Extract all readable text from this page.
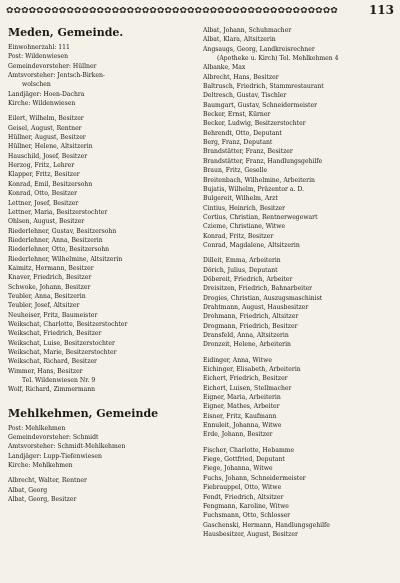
✿✿✿✿✿✿✿✿✿✿✿✿✿✿✿✿✿✿✿✿✿✿✿✿✿✿✿✿✿✿✿✿✿✿✿✿✿✿✿✿✿✿✿✿	113
Meden, Gemeinde.
Einwohnerzahl: 111
Post: Wildenwiesen
Gemeindevorsteher: Hüllner
Amtsvorsteher: Jentsch-Birken-
wolschen
Landjäger: Hoen-Dachra
Kirche: Wildenwiesen
Eilert, Wilhelm, Besitzer
Geisel, August, Rentner
Hüllner, August, Besitzer
Hüllner, Helene, Altsitzerin
Hauschild, Josef, Besitzer
Herzog, Fritz, Lehrer
Klapper, Fritz, Besitzer
Konrad, Emil, Besitzersohn
Konrad, Otto, Besitzer
Lettner, Josef, Besitzer
Lettner, Maria, Besitzerstochter
Ohlsen, August, Besitzer
Riederlehner, Gustav, Besitzersohn
Riederlehner, Anna, Besitzerin
Riederlehner, Otto, Besitzersohn
Riederlehner, Wilhelmine, Altsitzerin
Kaimitz, Hermann, Besitzer
Knaver, Friedrich, Besitzer
Schwoke, Johann, Besitzer
Teubler, Anna, Besitzerin
Teubler, Josef, Altsitzer
Neuheiser, Fritz, Baumeister
Weikschat, Charlotte, Besitzerstochter
Weikschat, Friedrich, Besitzer
Weikschat, Luise, Besitzerstochter
Weikschat, Marie, Besitzerstochter
Weikschat, Richard, Besitzer
Wimmer, Hans, Besitzer
Tel. Wildenwiesen Nr. 9
Wolf, Richard, Zimmermann
Mehlkehmen, Gemeinde
Post: Mehlkehmen
Gemeindevorsteher: Schmidt
Amtsvorsteher: Schmidt-Mehlkehmen
Landjäger: Lupp-Tiefenwiesen
Kirche: Mehlkehmen
Albrecht, Walter, Rentner
Albat, Georg
Albat, Georg, Besitzer
Albat, Johann, Schuhmacher
Albat, Klara, Altsitzerin
Angsaugs, Georg, Landkreisrechner
(Apotheke u. Kirch) Tel. Mehlkehmen 4
Albanke, Max
Albrecht, Hans, Besitzer
Baltrusch, Friedrich, Stammrestaurant
Deltresch, Gustav, Tischler
Baumgart, Gustav, Schneidermeister
Becker, Ernst, Kürner
Becker, Ludwig, Besitzerstochter
Behrendt, Otto, Deputant
Berg, Franz, Deputant
Brandstätter, Franz, Besitzer
Brandstätter, Franz, Handlungsgehilfe
Braun, Fritz, Geselle
Breitenbach, Wilhelmine, Arbeiterin
Bujatis, Wilhelm, Präzentor a. D.
Bulgereit, Wilhelm, Arzt
Cintius, Heinrich, Besitzer
Cortius, Christian, Rentnerwegewart
Czieme, Christiane, Witwe
Konrad, Fritz, Besitzer
Conrad, Magdalene, Altsitzerin
Dilleit, Emma, Arbeiterin
Dörich, Julius, Deputant
Döbereit, Friedrich, Arbeiter
Dreisitzen, Friedrich, Bahnarbeiter
Drogies, Christian, Auszugsmaschinist
Drahtmann, August, Hausbesitzer
Drohmann, Friedrich, Altsitzer
Drogmann, Friedrich, Besitzer
Dransfeld, Anna, Altsitzerin
Dronzeit, Helene, Arbeiterin
Eidinger, Anna, Witwe
Eichinger, Elisabeth, Arbeiterin
Eichert, Friedrich, Besitzer
Eichert, Luisen, Stellmacher
Eigner, Maria, Arbeiterin
Eigner, Mathes, Arbeiter
Eisner, Fritz, Kaufmann
Ennuleit, Johanna, Witwe
Erde, Johann, Besitzer
Fischer, Charlotte, Hebamme
Fiege, Gottfried, Deputant
Fiege, Johanna, Witwe
Fuchs, Johann, Schneidermeister
Fiebrauppel, Otto, Witwe
Fendt, Friedrich, Altsitzer
Fengmann, Karoline, Witwe
Fuchsmann, Otto, Schlosser
Gaschenski, Hermann, Handlungsgehilfe
Hausbesitzer, August, Besitzer
